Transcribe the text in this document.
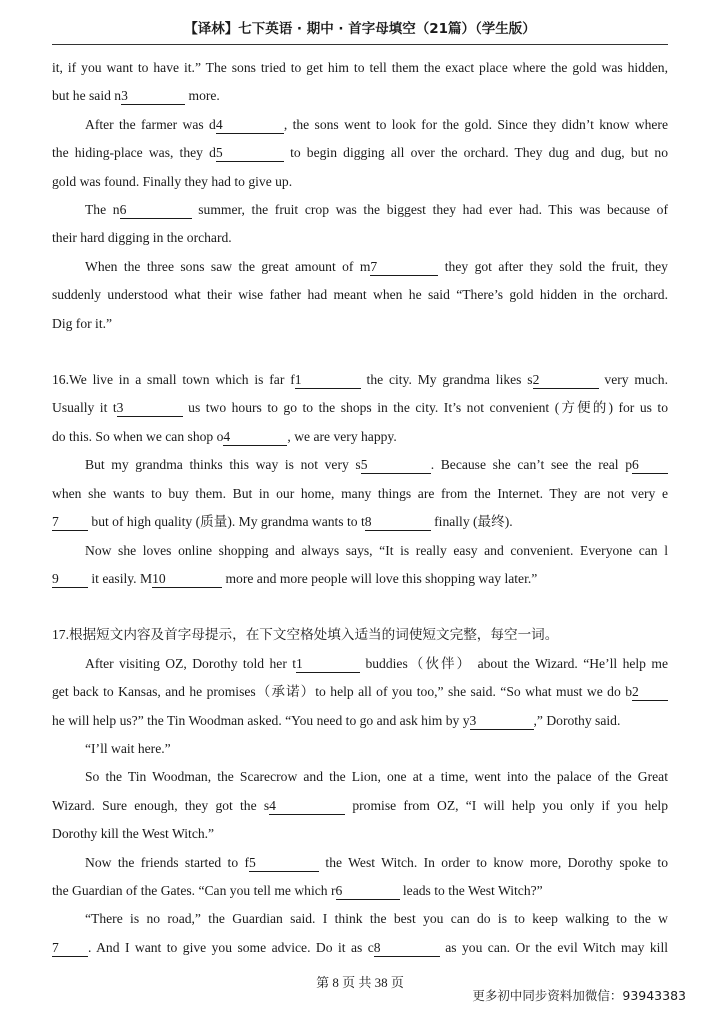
【译林】七下英语 · 期中 · 首字母填空（21篇）（学生版）

it, if you want to have it.” The sons tried to get him to tell them the exact place where the gold was hidden,

but he said n3	more.

After the farmer was d4	, the sons went to look for the gold. Since they didn’t know where

the hiding-place was, they d5	to begin digging all over the orchard. They dug and dug, but no

gold was found. Finally they had to give up.

The n6	summer, the fruit crop was the biggest they had ever had. This was because of

their hard digging in the orchard.

When the three sons saw the great amount of m7	they got after they sold the fruit, they

suddenly understood what their wise father had meant when he said “There’s gold hidden in the orchard.

Dig for it.”

16.We live in a small town which is far f1	the city. My grandma likes s2	very much.

Usually it t3	us two hours to go to the shops in the city. It’s not convenient (方便的) for us to

do this. So when we can shop o4	, we are very happy.

But my grandma thinks this way is not very s5	. Because she can’t see the real p6

when she wants to buy them. But in our home, many things are from the Internet. They are not very e

7 but of high quality (质量). My grandma wants to t8	finally (最终).

Now she loves online shopping and always says, “It is really easy and convenient. Everyone can l

9 it easily. M10	more and more people will love this shopping way later.”

17.根据短文内容及首字母提示，在下文空格处填入适当的词使短文完整，每空一词。

After visiting OZ, Dorothy told her t1	buddies（伙伴） about the Wizard. “He’ll help me

get back to Kansas, and he promises（承诺）to help all of you too,” she said. “So what must we do b2

he will help us?” the Tin Woodman asked. “You need to go and ask him by y3	,” Dorothy said.

“I’ll wait here.”

So the Tin Woodman, the Scarecrow and the Lion, one at a time, went into the palace of the Great

Wizard. Sure enough, they got the s4	promise from OZ, “I will help you only if you help

Dorothy kill the West Witch.”

Now the friends started to f5	the West Witch. In order to know more, Dorothy spoke to

the Guardian of the Gates. “Can you tell me which r6	leads to the West Witch?”

“There is no road,” the Guardian said. I think the best you can do is to keep walking to the w

7 . And I want to give you some advice. Do it as c8	as you can. Or the evil Witch may kill

第 8 页 共 38 页
更多初中同步资料加微信：93943383
